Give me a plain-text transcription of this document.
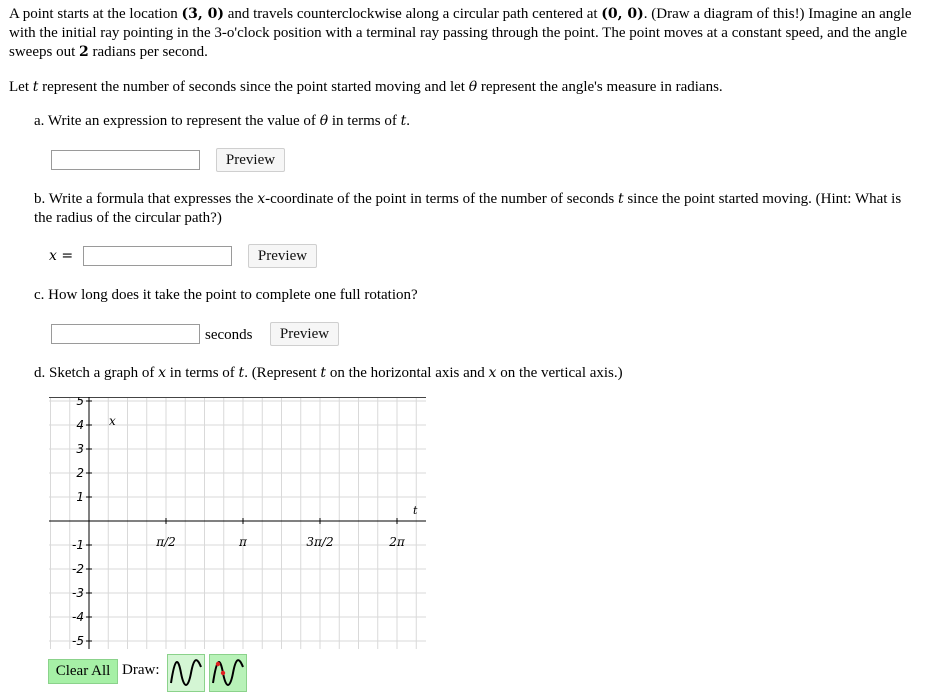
A point starts at the location (3, 0) and travels counterclockwise along a circular path centered at (0, 0). (Draw a diagram of this!) Imagine an angle with the initial ray pointing in the 3-o'clock position with a terminal ray passing through the point. The point moves at a constant speed, and the angle sweeps out 2 radians per second.
Let t represent the number of seconds since the point started moving and let θ represent the angle's measure in radians.
a. Write an expression to represent the value of θ in terms of t.
Preview
b. Write a formula that expresses the x-coordinate of the point in terms of the number of seconds t since the point started moving. (Hint: What is the radius of the circular path?)
x =	Preview
c. How long does it take the point to complete one full rotation?
seconds	Preview
d. Sketch a graph of x in terms of t. (Represent t on the horizontal axis and x on the vertical axis.)
t
x
π/2	π	3π/2	2π
5
4
3
2
1
-1
-2
-3
-4
-5
Clear All Draw:
